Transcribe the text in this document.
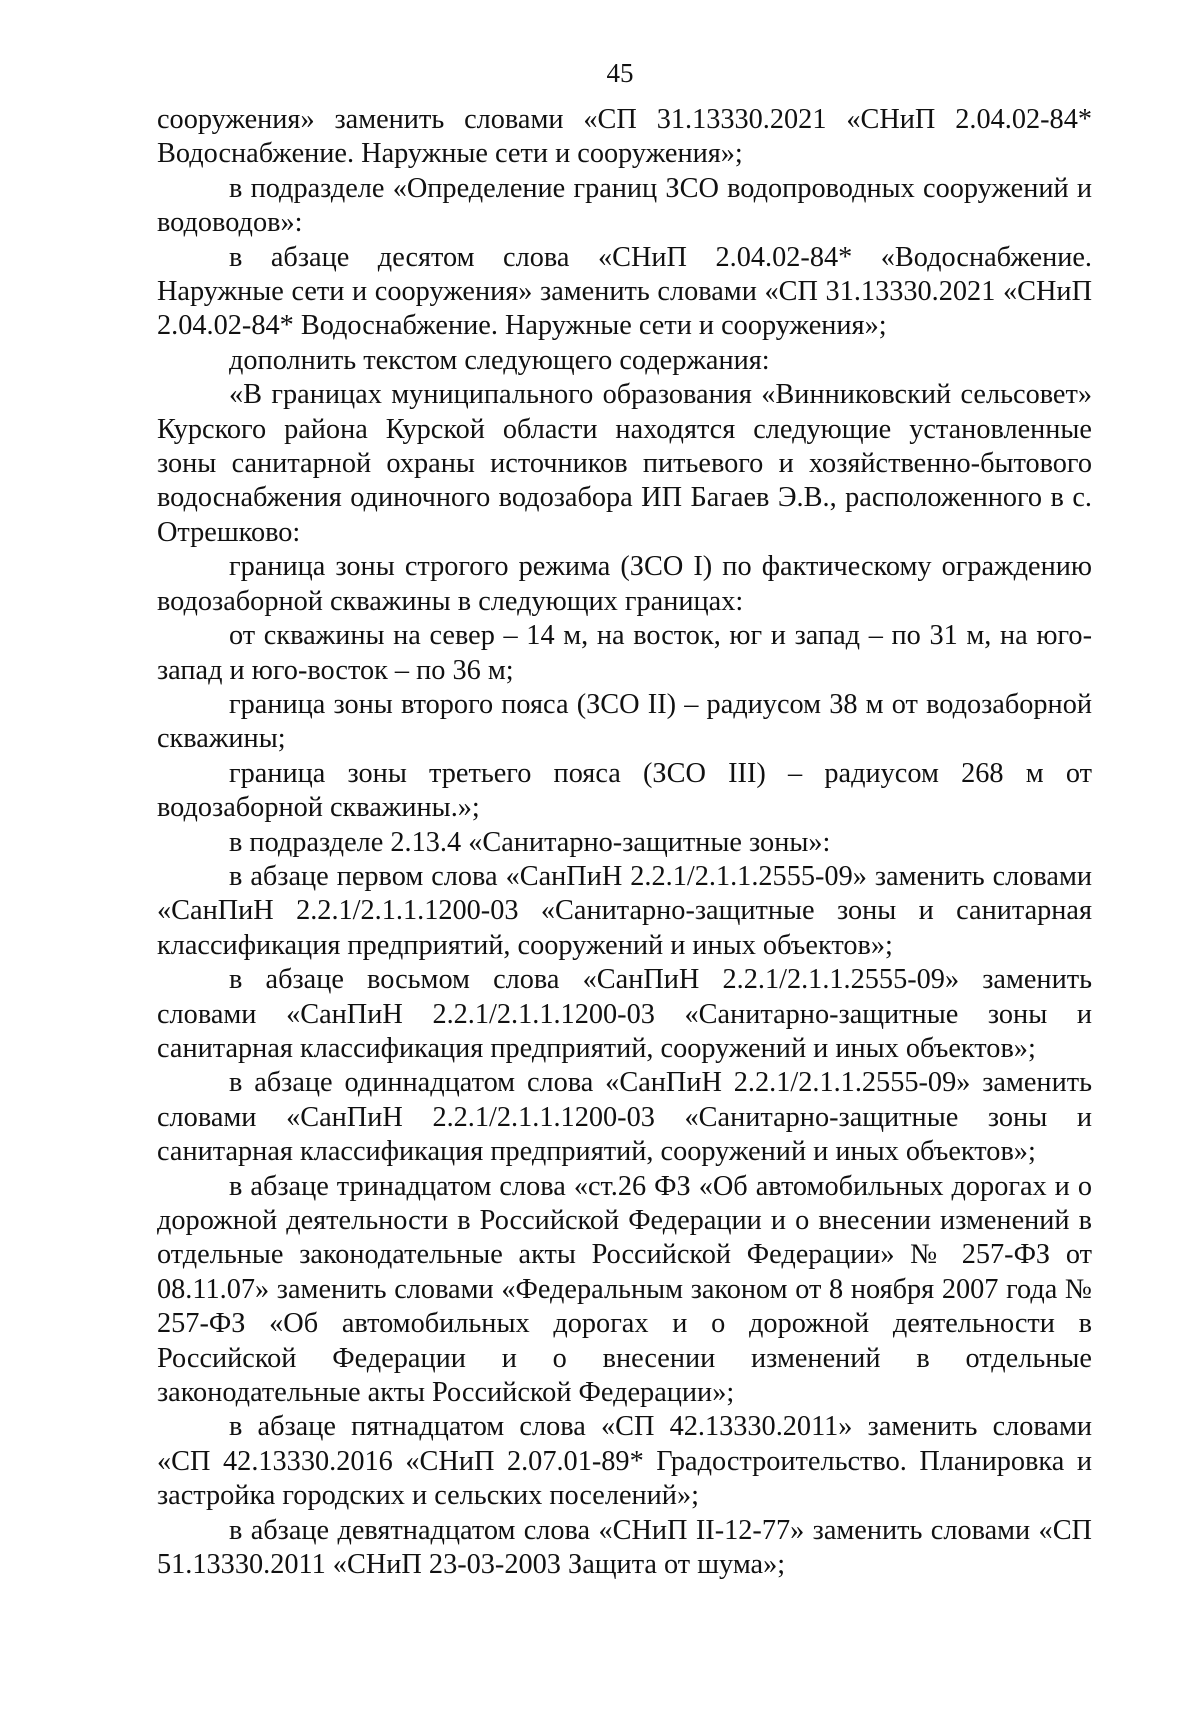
45

сооружения» заменить словами «СП 31.13330.2021 «СНиП 2.04.02-84* Водоснабжение. Наружные сети и сооружения»;

в подразделе «Определение границ ЗСО водопроводных сооружений и водоводов»:

в абзаце десятом слова «СНиП 2.04.02-84* «Водоснабжение. Наружные сети и сооружения» заменить словами «СП 31.13330.2021 «СНиП 2.04.02-84* Водоснабжение. Наружные сети и сооружения»;

дополнить текстом следующего содержания:

«В границах муниципального образования «Винниковский сельсовет» Курского района Курской области находятся следующие установленные зоны санитарной охраны источников питьевого и хозяйственно-бытового водоснабжения одиночного водозабора ИП Багаев Э.В., расположенного в с. Отрешково:

граница зоны строгого режима (ЗСО I) по фактическому ограждению водозаборной скважины в следующих границах:

от скважины на север – 14 м, на восток, юг и запад – по 31 м, на юго-запад и юго-восток – по 36 м;

граница зоны второго пояса (ЗСО II) – радиусом 38 м от водозаборной скважины;

граница зоны третьего пояса (ЗСО III) – радиусом 268 м от водозаборной скважины.»;

в подразделе 2.13.4 «Санитарно-защитные зоны»:

в абзаце первом слова «СанПиН 2.2.1/2.1.1.2555-09» заменить словами «СанПиН 2.2.1/2.1.1.1200-03 «Санитарно-защитные зоны и санитарная классификация предприятий, сооружений и иных объектов»;

в абзаце восьмом слова «СанПиН 2.2.1/2.1.1.2555-09» заменить словами «СанПиН 2.2.1/2.1.1.1200-03 «Санитарно-защитные зоны и санитарная классификация предприятий, сооружений и иных объектов»;

в абзаце одиннадцатом слова «СанПиН 2.2.1/2.1.1.2555-09» заменить словами «СанПиН 2.2.1/2.1.1.1200-03 «Санитарно-защитные зоны и санитарная классификация предприятий, сооружений и иных объектов»;

в абзаце тринадцатом слова «ст.26 ФЗ «Об автомобильных дорогах и о дорожной деятельности в Российской Федерации и о внесении изменений в отдельные законодательные акты Российской Федерации» № 257-ФЗ от 08.11.07» заменить словами «Федеральным законом от 8 ноября 2007 года № 257-ФЗ «Об автомобильных дорогах и о дорожной деятельности в Российской Федерации и о внесении изменений в отдельные законодательные акты Российской Федерации»;

в абзаце пятнадцатом слова «СП 42.13330.2011» заменить словами «СП 42.13330.2016 «СНиП 2.07.01-89* Градостроительство. Планировка и застройка городских и сельских поселений»;

в абзаце девятнадцатом слова «СНиП II-12-77» заменить словами «СП 51.13330.2011 «СНиП 23-03-2003 Защита от шума»;
